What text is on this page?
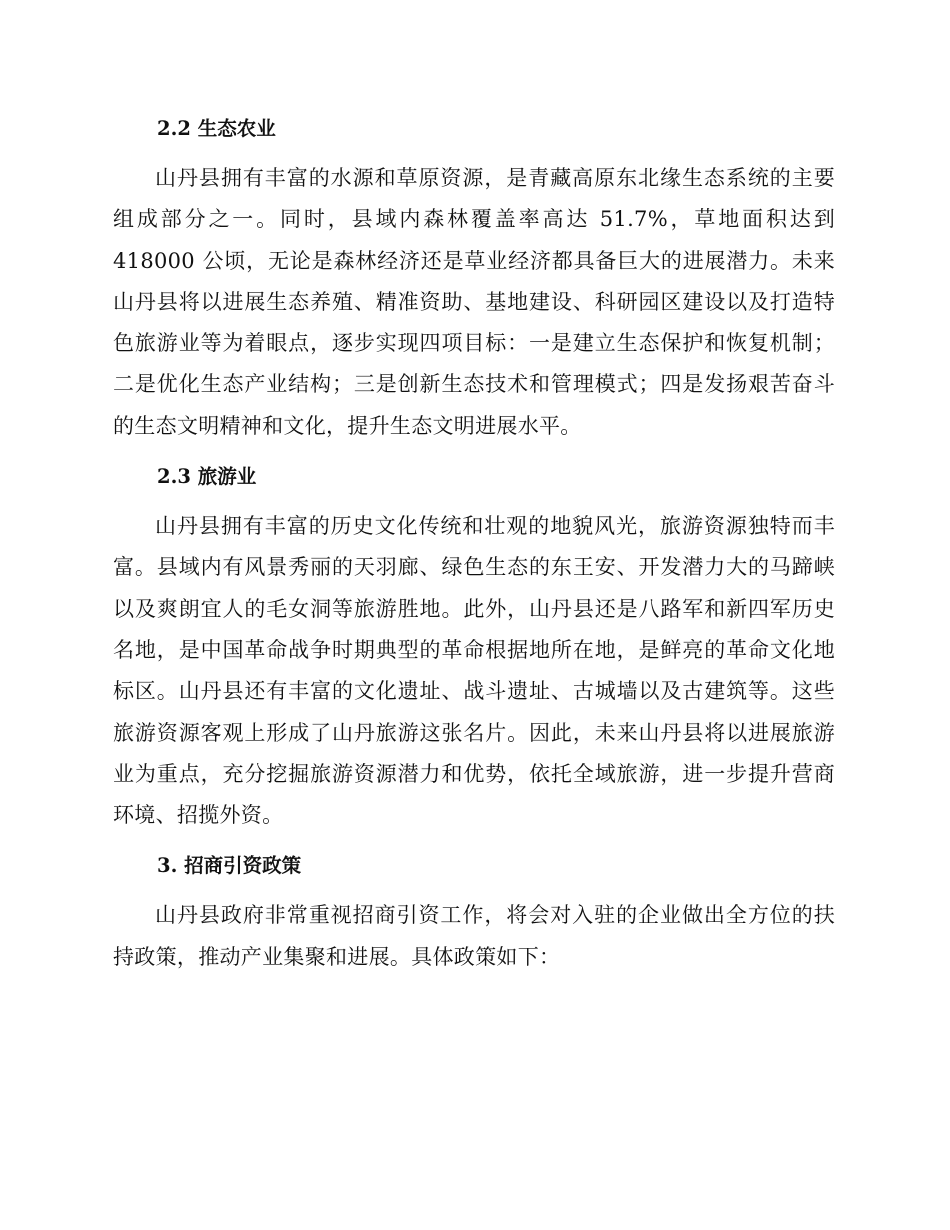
2.2 生态农业

山丹县拥有丰富的水源和草原资源，是青藏高原东北缘生态系统的主要组成部分之一。同时，县域内森林覆盖率高达 51.7%，草地面积达到 418000 公顷，无论是森林经济还是草业经济都具备巨大的进展潜力。未来山丹县将以进展生态养殖、精准资助、基地建设、科研园区建设以及打造特色旅游业等为着眼点，逐步实现四项目标：一是建立生态保护和恢复机制；二是优化生态产业结构；三是创新生态技术和管理模式；四是发扬艰苦奋斗的生态文明精神和文化，提升生态文明进展水平。

2.3 旅游业

山丹县拥有丰富的历史文化传统和壮观的地貌风光，旅游资源独特而丰富。县域内有风景秀丽的天羽廊、绿色生态的东王安、开发潜力大的马蹄峡以及爽朗宜人的毛女洞等旅游胜地。此外，山丹县还是八路军和新四军历史名地，是中国革命战争时期典型的革命根据地所在地，是鲜亮的革命文化地标区。山丹县还有丰富的文化遗址、战斗遗址、古城墙以及古建筑等。这些旅游资源客观上形成了山丹旅游这张名片。因此，未来山丹县将以进展旅游业为重点，充分挖掘旅游资源潜力和优势，依托全域旅游，进一步提升营商环境、招揽外资。

3. 招商引资政策

山丹县政府非常重视招商引资工作，将会对入驻的企业做出全方位的扶持政策，推动产业集聚和进展。具体政策如下：
